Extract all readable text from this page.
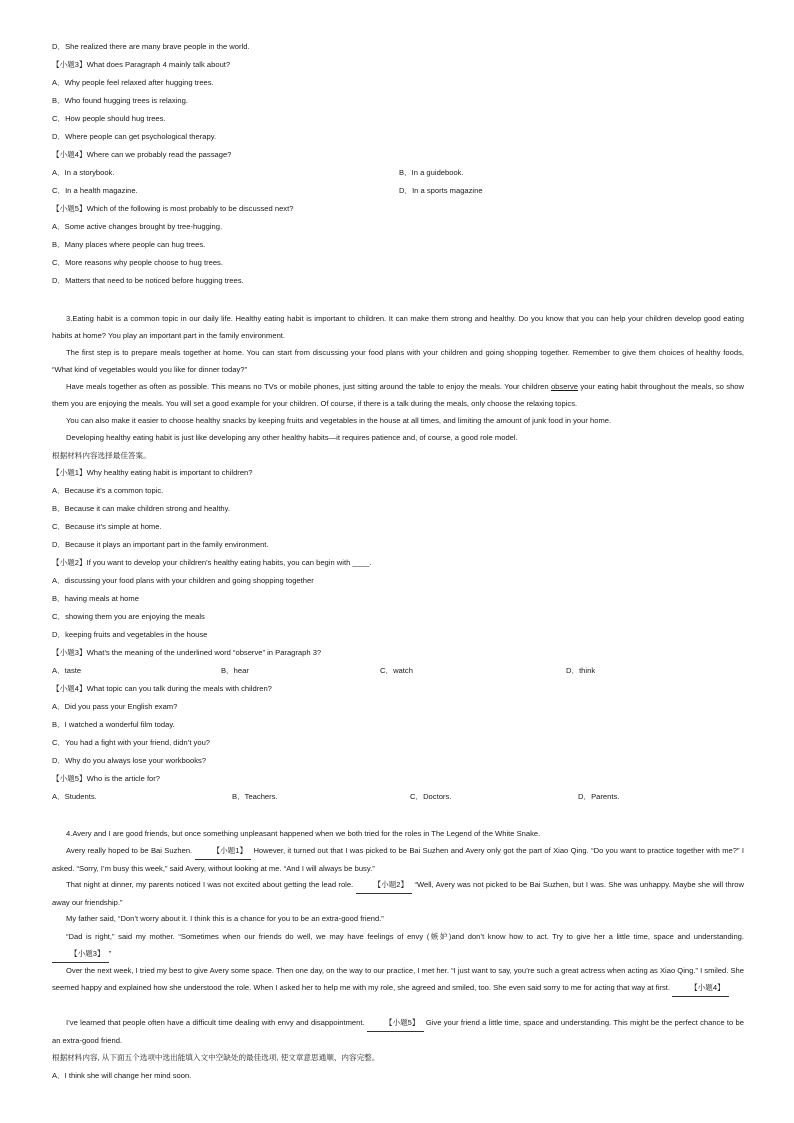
D．She realized there are many brave people in the world.
【小题3】What does Paragraph 4 mainly talk about?
A．Why people feel relaxed after hugging trees.
B．Who found hugging trees is relaxing.
C．How people should hug trees.
D．Where people can get psychological therapy.
【小题4】Where can we probably read the passage?
A．In a storybook.	B．In a guidebook.
C．In a health magazine.	D．In a sports magazine
【小题5】Which of the following is most probably to be discussed next?
A．Some active changes brought by tree-hugging.
B．Many places where people can hug trees.
C．More reasons why people choose to hug trees.
D．Matters that need to be noticed before hugging trees.
3.Eating habit is a common topic in our daily life. Healthy eating habit is important to children. It can make them strong and healthy. Do you know that you can help your children develop good eating habits at home? You play an important part in the family environment.
The first step is to prepare meals together at home. You can start from discussing your food plans with your children and going shopping together. Remember to give them choices of healthy foods, “What kind of vegetables would you like for dinner today?”
Have meals together as often as possible. This means no TVs or mobile phones, just sitting around the table to enjoy the meals. Your children observe your eating habit throughout the meals, so show them you are enjoying the meals. You will set a good example for your children. Of course, if there is a talk during the meals, only choose the relaxing topics.
You can also make it easier to choose healthy snacks by keeping fruits and vegetables in the house at all times, and limiting the amount of junk food in your home.
Developing healthy eating habit is just like developing any other healthy habits—it requires patience and, of course, a good role model.
根据材料内容选择最佳答案。
【小题1】Why healthy eating habit is important to children?
A．Because it’s a common topic.
B．Because it can make children strong and healthy.
C．Because it’s simple at home.
D．Because it plays an important part in the family environment.
【小题2】If you want to develop your children’s healthy eating habits, you can begin with ____.
A．discussing your food plans with your children and going shopping together
B．having meals at home
C．showing them you are enjoying the meals
D．keeping fruits and vegetables in the house
【小题3】What’s the meaning of the underlined word “observe” in Paragraph 3?
A．taste	B．hear	C．watch	D．think
【小题4】What topic can you talk during the meals with children?
A．Did you pass your English exam?
B．I watched a wonderful film today.
C．You had a fight with your friend, didn’t you?
D．Why do you always lose your workbooks?
【小题5】Who is the article for?
A．Students.	B．Teachers.	C．Doctors.	D．Parents.
4.Avery and I are good friends, but once something unpleasant happened when we both tried for the roles in The Legend of the White Snake.
Avery really hoped to be Bai Suzhen. 【小题1】 However, it turned out that I was picked to be Bai Suzhen and Avery only got the part of Xiao Qing. “Do you want to practice together with me?” I asked. “Sorry, I’m busy this week,” said Avery, without looking at me. “And I will always be busy.”
That night at dinner, my parents noticed I was not excited about getting the lead role. 【小题2】 “Well, Avery was not picked to be Bai Suzhen, but I was. She was unhappy. Maybe she will throw away our friendship.”
My father said, “Don’t worry about it. I think this is a chance for you to be an extra-good friend.”
“Dad is right,” said my mother. “Sometimes when our friends do well, we may have feelings of envy (嫉妒)and don’t know how to act. Try to give her a little time, space and understanding. 【小题3】 ”
Over the next week, I tried my best to give Avery some space. Then one day, on the way to our practice, I met her. “I just want to say, you’re such a great actress when acting as Xiao Qing.” I smiled. She seemed happy and explained how she understood the role. When I asked her to help me with my role, she agreed and smiled, too. She even said sorry to me for acting that way at first. 【小题4】
I’ve learned that people often have a difficult time dealing with envy and disappointment. 【小题5】 Give your friend a little time, space and understanding. This might be the perfect chance to be an extra-good friend.
根据材料内容, 从下面五个选项中选出能填入文中空缺处的最佳选项, 使文章意思通顺、内容完整。
A．I think she will change her mind soon.
